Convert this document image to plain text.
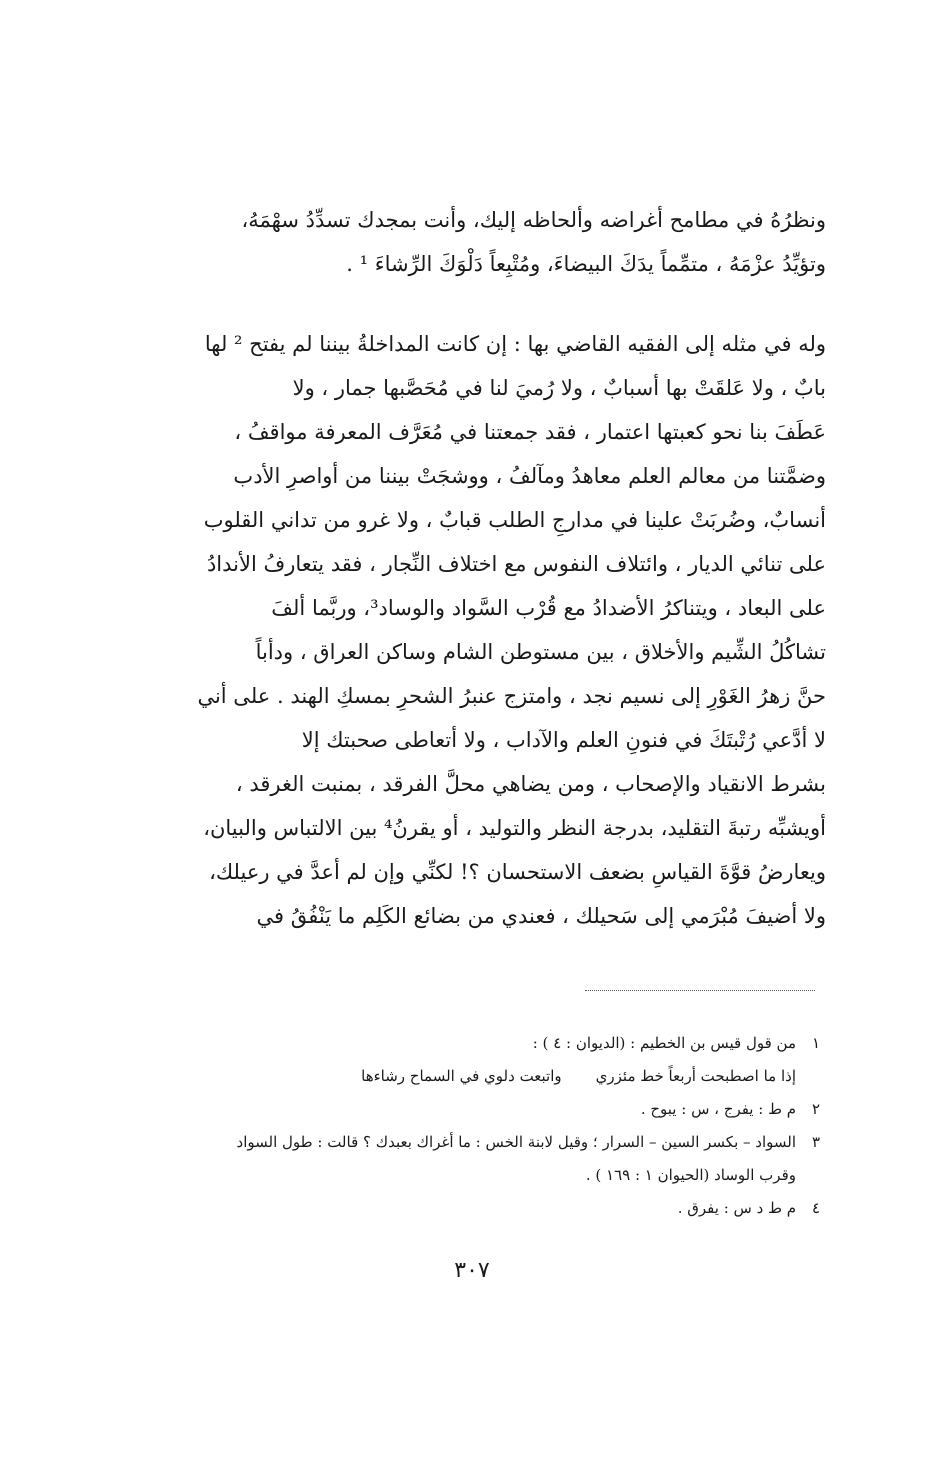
ونظرُهُ في مطامح أغراضه وألحاظه إليك، وأنت بمجدك تسدِّدُ سهْمَهُ،
وتؤيِّدُ عزْمَهُ ، متمِّماً يدَكَ البيضاءَ، ومُتْبِعاً دَلْوَكَ الرِّشاءَ ¹ .
وله في مثله إلى الفقيه القاضي بها : إن كانت المداخلةُ بيننا لم يفتح ² لها
بابٌ ، ولا عَلقَتْ بها أسبابٌ ، ولا رُميَ لنا في مُحَصَّبها جمار ، ولا
عَطَفَ بنا نحو كعبتها اعتمار ، فقد جمعتنا في مُعَرَّف المعرفة مواقفُ ،
وضمَّتنا من معالم العلم معاهدُ ومآلفُ ، ووشجَتْ بيننا من أواصرِ الأدب
أنسابٌ، وضُربَتْ علينا في مدارجِ الطلب قبابٌ ، ولا غرو من تداني القلوب
على تنائي الديار ، وائتلاف النفوس مع اختلاف النِّجار ، فقد يتعارفُ الأندادُ
على البعاد ، ويتناكرُ الأضدادُ مع قُرْب السَّواد والوساد³، وربَّما ألفَ
تشاكُلُ الشِّيم والأخلاق ، بين مستوطن الشام وساكن العراق ، ودأباً
حنَّ زهرُ الغَوْرِ إلى نسيم نجد ، وامتزج عنبرُ الشحرِ بمسكِ الهند . على أني
لا أدَّعي رُتْبتَكَ في فنونِ العلم والآداب ، ولا أتعاطى صحبتك إلا
بشرط الانقياد والإصحاب ، ومن يضاهي محلَّ الفرقد ، بمنبت الغرقد ،
أويشبِّه رتبةَ التقليد، بدرجة النظر والتوليد ، أو يقرنُ⁴ بين الالتباس والبيان،
ويعارضُ قوَّةَ القياسِ بضعف الاستحسان ؟! لكنِّي وإن لم أعدَّ في رعيلك،
ولا أضيفَ مُبْرَمي إلى سَحيلك ، فعندي من بضائع الكَلِم ما يَنْفُقُ في
١من قول قيس بن الخطيم : (الديوان : ٤ ) :
إذا ما اصطبحت أربعاً خط مئزريواتبعت دلوي في السماح رشاءها
٢م ط : يفرج ، س : يبوح .
٣السواد – بكسر السين – السرار ؛ وقيل لابنة الخس : ما أغراك بعبدك ؟ قالت : طول السواد
وقرب الوساد (الحيوان ١ : ١٦٩ ) .
٤م ط د س : يفرق .
٣٠٧
